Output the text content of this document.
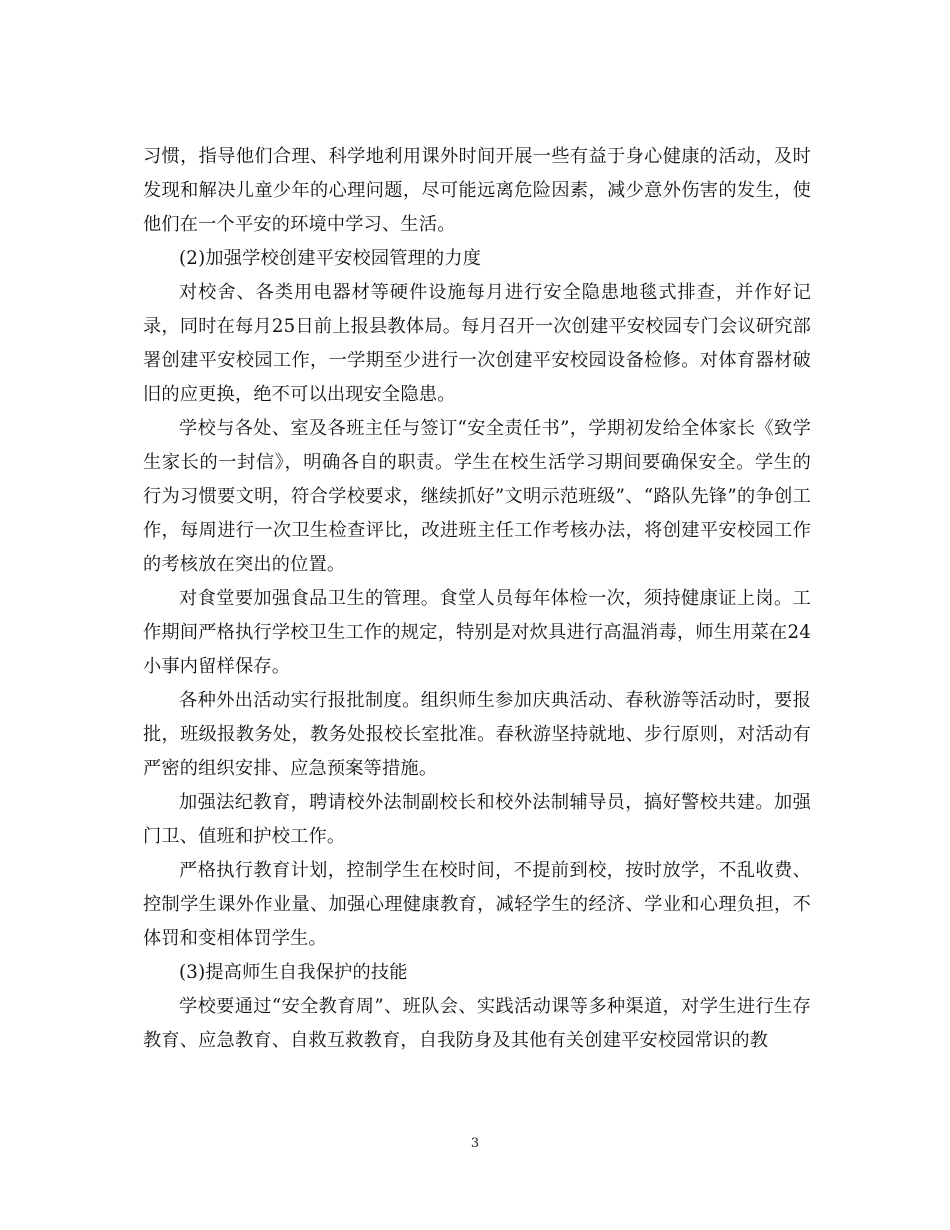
习惯，指导他们合理、科学地利用课外时间开展一些有益于身心健康的活动，及时发现和解决儿童少年的心理问题，尽可能远离危险因素，减少意外伤害的发生，使他们在一个平安的环境中学习、生活。

(2)加强学校创建平安校园管理的力度

对校舍、各类用电器材等硬件设施每月进行安全隐患地毯式排查，并作好记录，同时在每月25日前上报县教体局。每月召开一次创建平安校园专门会议研究部署创建平安校园工作，一学期至少进行一次创建平安校园设备检修。对体育器材破旧的应更换，绝不可以出现安全隐患。

学校与各处、室及各班主任与签订“安全责任书”，学期初发给全体家长《致学生家长的一封信》，明确各自的职责。学生在校生活学习期间要确保安全。学生的行为习惯要文明，符合学校要求，继续抓好”文明示范班级”、“路队先锋”的争创工作，每周进行一次卫生检查评比，改进班主任工作考核办法，将创建平安校园工作的考核放在突出的位置。

对食堂要加强食品卫生的管理。食堂人员每年体检一次，须持健康证上岗。工作期间严格执行学校卫生工作的规定，特别是对炊具进行高温消毒，师生用菜在24小事内留样保存。

各种外出活动实行报批制度。组织师生参加庆典活动、春秋游等活动时，要报批，班级报教务处，教务处报校长室批准。春秋游坚持就地、步行原则，对活动有严密的组织安排、应急预案等措施。

加强法纪教育，聘请校外法制副校长和校外法制辅导员，搞好警校共建。加强门卫、值班和护校工作。

严格执行教育计划，控制学生在校时间，不提前到校，按时放学，不乱收费、控制学生课外作业量、加强心理健康教育，减轻学生的经济、学业和心理负担，不体罚和变相体罚学生。

(3)提高师生自我保护的技能

学校要通过“安全教育周”、班队会、实践活动课等多种渠道，对学生进行生存教育、应急教育、自救互救教育，自我防身及其他有关创建平安校园常识的教

3
